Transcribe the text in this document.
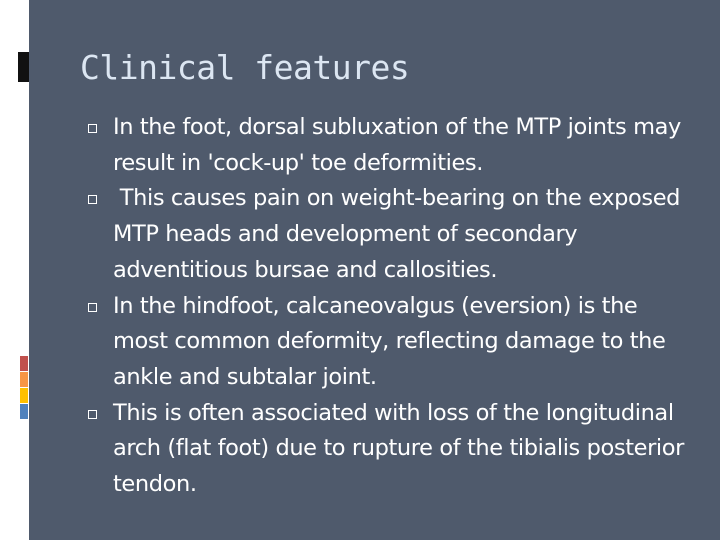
Clinical features
In the foot, dorsal subluxation of the MTP joints may result in 'cock-up' toe deformities.
This causes pain on weight-bearing on the exposed MTP heads and development of secondary adventitious bursae and callosities.
In the hindfoot, calcaneovalgus (eversion) is the most common deformity, reflecting damage to the ankle and subtalar joint.
This is often associated with loss of the longitudinal arch (flat foot) due to rupture of the tibialis posterior tendon.
